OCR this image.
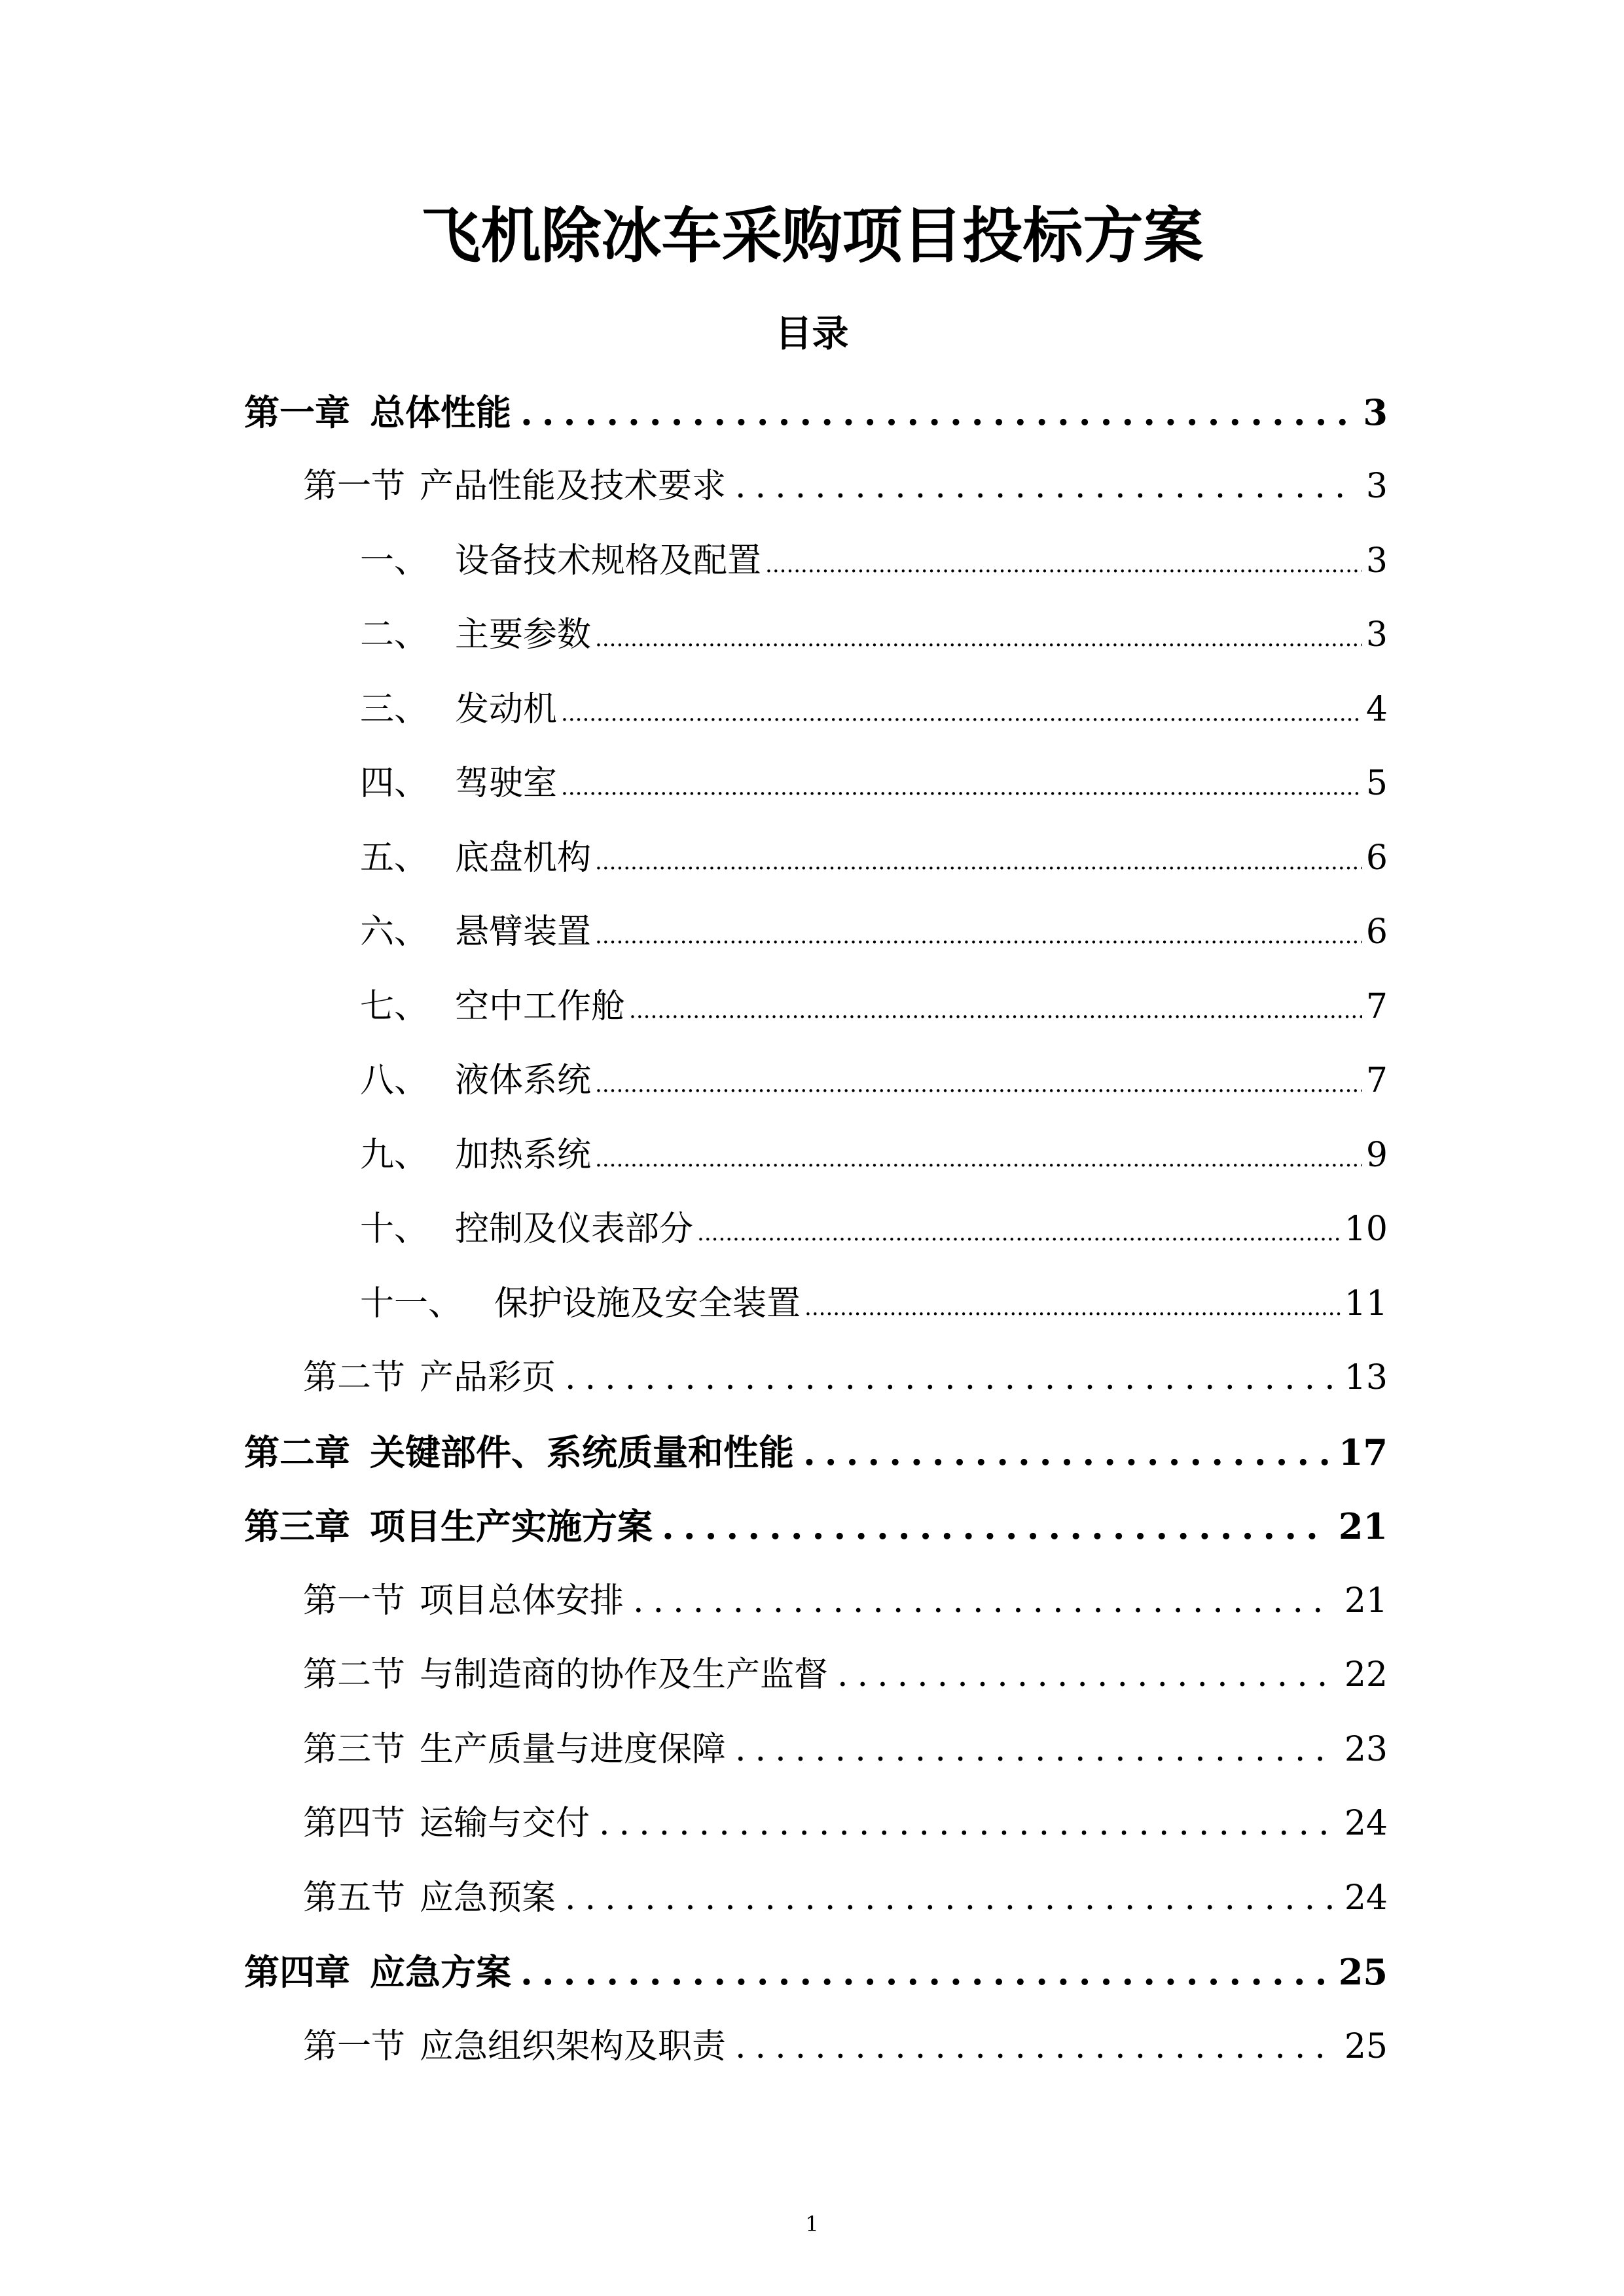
飞机除冰车采购项目投标方案
目录
第一章 总体性能 .....	3
第一节 产品性能及技术要求 .....	3
一、 设备技术规格及配置 .....	3
二、 主要参数 .....	3
三、 发动机 .....	4
四、 驾驶室 .....	5
五、 底盘机构 .....	6
六、 悬臂装置 .....	6
七、 空中工作舱 .....	7
八、 液体系统 .....	7
九、 加热系统 .....	9
十、 控制及仪表部分 .....	10
十一、 保护设施及安全装置 .....	11
第二节 产品彩页 .....	13
第二章 关键部件、系统质量和性能 .....	17
第三章 项目生产实施方案 .....	21
第一节 项目总体安排 .....	21
第二节 与制造商的协作及生产监督 .....	22
第三节 生产质量与进度保障 .....	23
第四节 运输与交付 .....	24
第五节 应急预案 .....	24
第四章 应急方案 .....	25
第一节 应急组织架构及职责 .....	25
1
